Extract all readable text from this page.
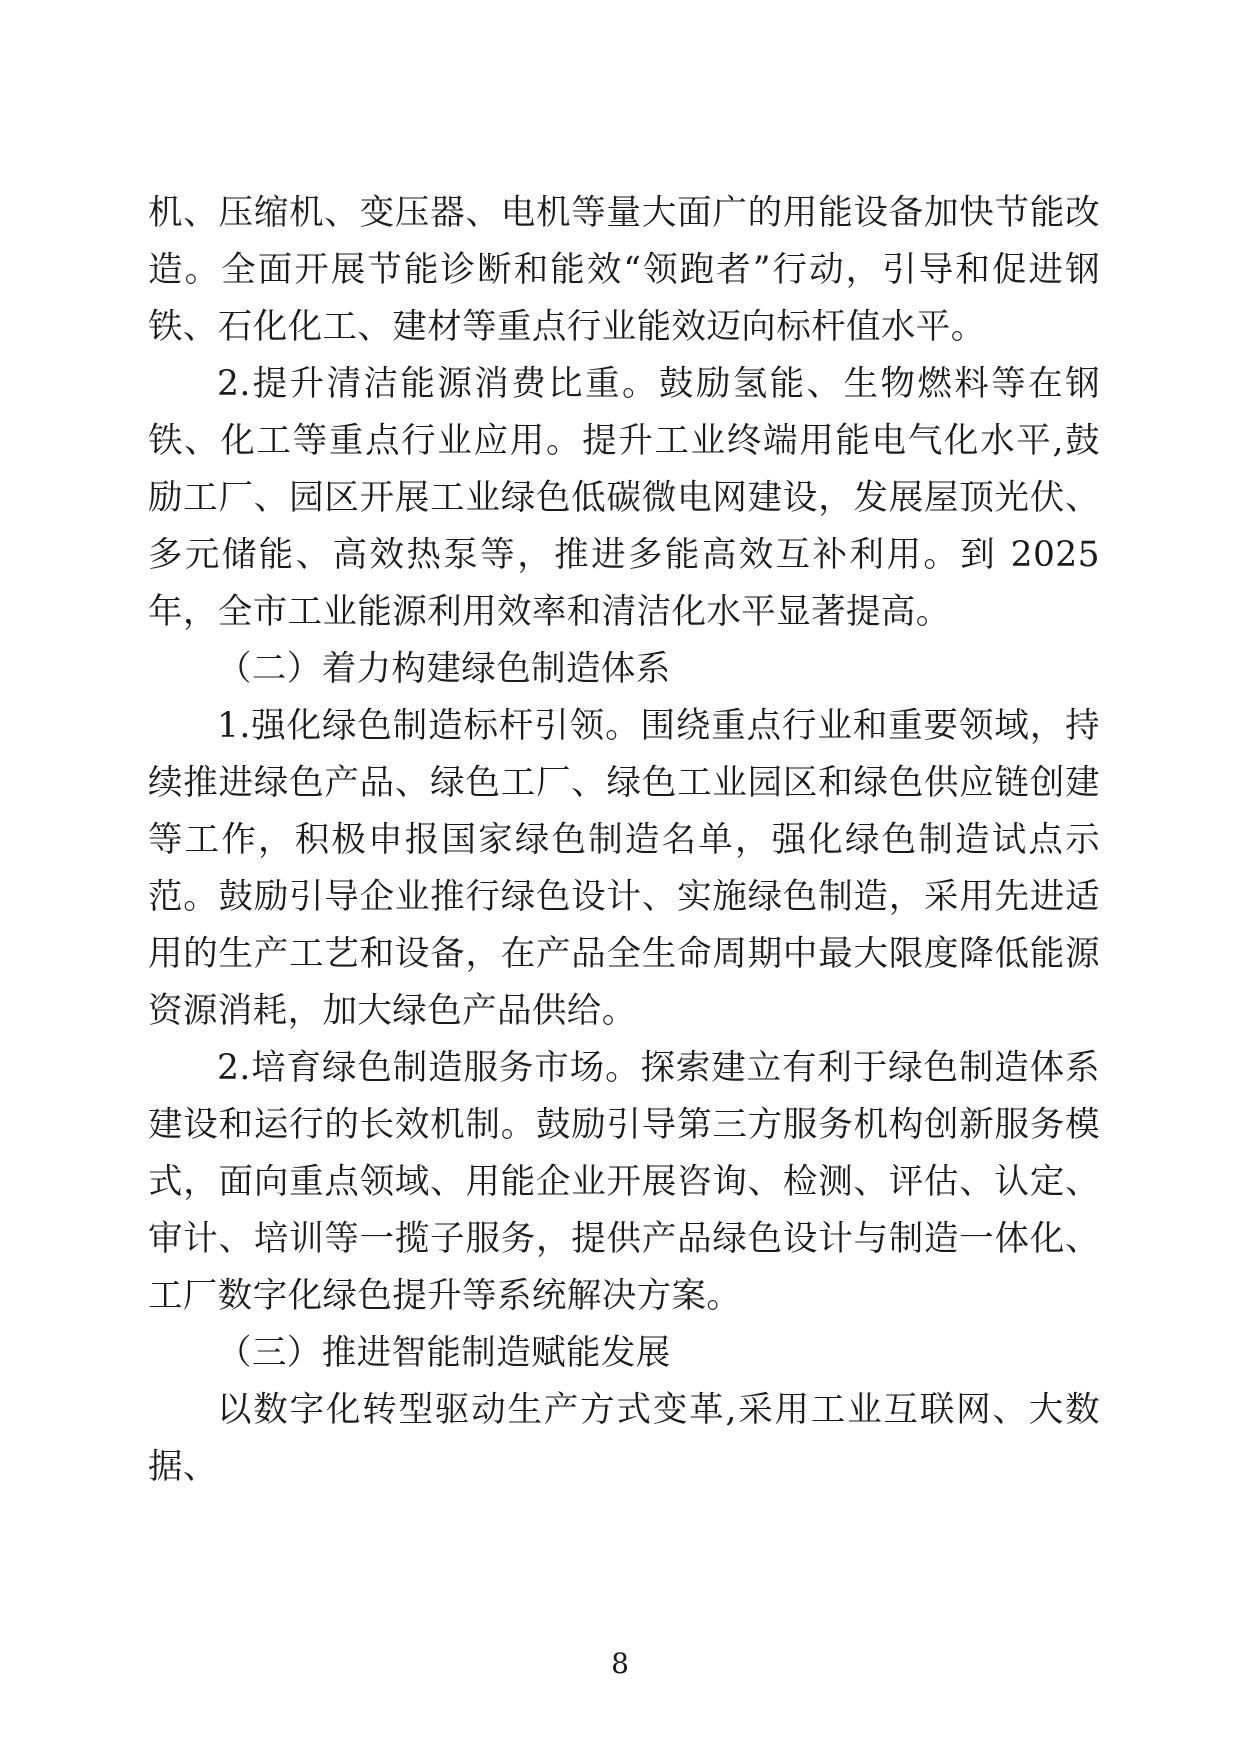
机、压缩机、变压器、电机等量大面广的用能设备加快节能改造。全面开展节能诊断和能效“领跑者”行动，引导和促进钢铁、石化化工、建材等重点行业能效迈向标杆值水平。

2.提升清洁能源消费比重。鼓励氢能、生物燃料等在钢铁、化工等重点行业应用。提升工业终端用能电气化水平,鼓励工厂、园区开展工业绿色低碳微电网建设，发展屋顶光伏、多元储能、高效热泵等，推进多能高效互补利用。到 2025 年，全市工业能源利用效率和清洁化水平显著提高。

（二）着力构建绿色制造体系

1.强化绿色制造标杆引领。围绕重点行业和重要领域，持续推进绿色产品、绿色工厂、绿色工业园区和绿色供应链创建等工作，积极申报国家绿色制造名单，强化绿色制造试点示范。鼓励引导企业推行绿色设计、实施绿色制造，采用先进适用的生产工艺和设备，在产品全生命周期中最大限度降低能源资源消耗，加大绿色产品供给。

2.培育绿色制造服务市场。探索建立有利于绿色制造体系建设和运行的长效机制。鼓励引导第三方服务机构创新服务模式，面向重点领域、用能企业开展咨询、检测、评估、认定、审计、培训等一揽子服务，提供产品绿色设计与制造一体化、工厂数字化绿色提升等系统解决方案。

（三）推进智能制造赋能发展

以数字化转型驱动生产方式变革,采用工业互联网、大数据、

8
